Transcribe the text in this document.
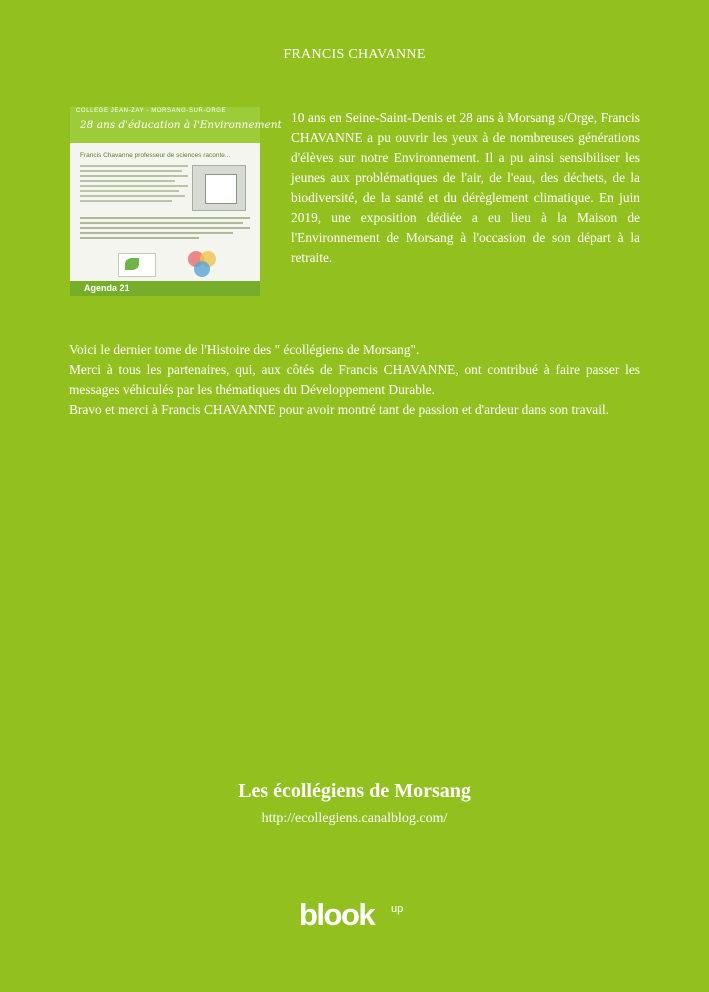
FRANCIS CHAVANNE
COLLEGE JEAN-ZAY - MORSANG-SUR-ORGE
28 ans d'éducation à l'Environnement
Francis Chavanne professeur de sciences raconte...
Agenda 21

10 ans en Seine-Saint-Denis et 28 ans à Morsang s/Orge, Francis CHAVANNE a pu ouvrir les yeux à de nombreuses générations d'élèves sur notre Environnement. Il a pu ainsi sensibiliser les jeunes aux problématiques de l'air, de l'eau, des déchets, de la biodiversité, de la santé et du dérèglement climatique. En juin 2019, une exposition dédiée a eu lieu à la Maison de l'Environnement de Morsang à l'occasion de son départ à la retraite.

Voici le dernier tome de l'Histoire des " écollégiens de Morsang".

Merci à tous les partenaires, qui, aux côtés de Francis CHAVANNE, ont contribué à faire passer les messages véhiculés par les thématiques du Développement Durable.

Bravo et merci à Francis CHAVANNE pour avoir montré tant de passion et d'ardeur dans son travail.

Les écollégiens de Morsang
http://ecollegiens.canalblog.com/
blook up
